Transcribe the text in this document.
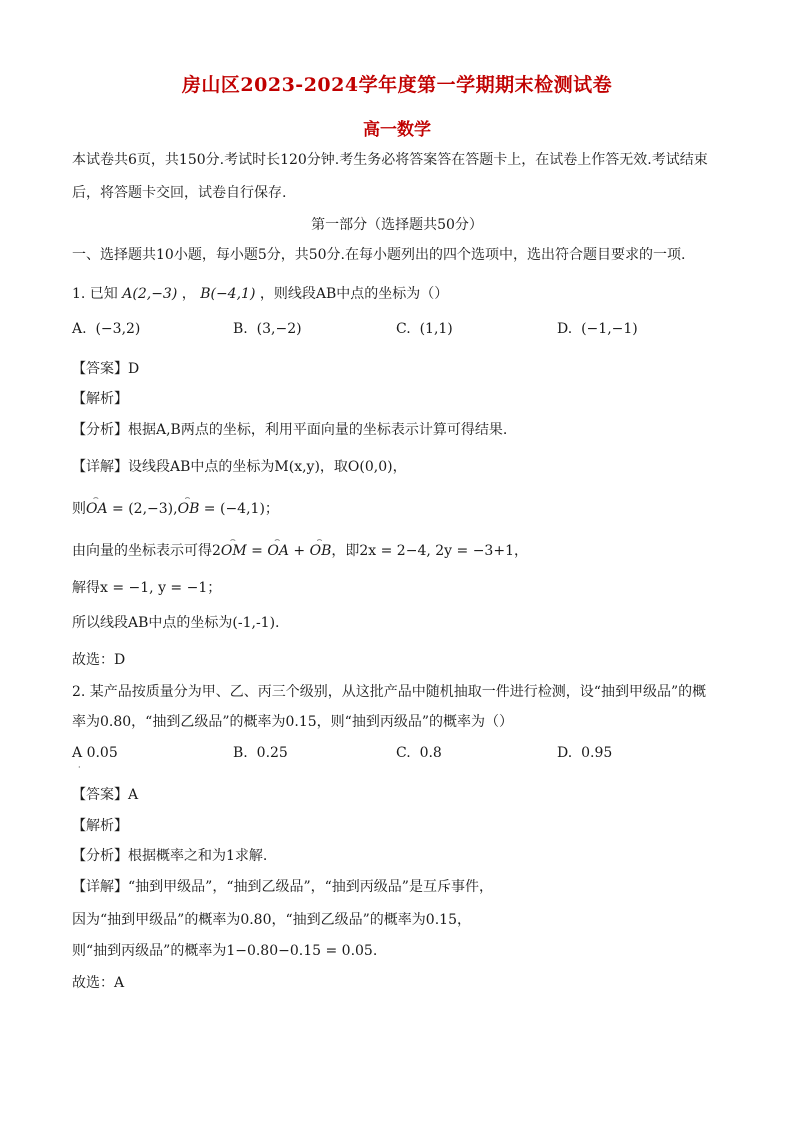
房山区2023-2024学年度第一学期期末检测试卷
高一数学
本试卷共6页，共150分.考试时长120分钟.考生务必将答案答在答题卡上，在试卷上作答无效.考试结束
后，将答题卡交回，试卷自行保存.
第一部分（选择题共50分）
一、选择题共10小题，每小题5分，共50分.在每小题列出的四个选项中，选出符合题目要求的一项.
1. 已知 A(2,−3) ， B(−4,1) ，则线段AB中点的坐标为（）
A. (−3,2)	B. (3,−2)	C. (1,1)	D. (−1,−1)
【答案】D
【解析】
【分析】根据A,B两点的坐标，利用平面向量的坐标表示计算可得结果.
【详解】设线段AB中点的坐标为M(x,y)，取O(0,0)，
则⌢ OA = (2,−3),⌢ OB = (−4,1)；
由向量的坐标表示可得2⌢ OM = ⌢ OA + ⌢ OB，即2x = 2−4, 2y = −3+1，
解得x = −1, y = −1；
所以线段AB中点的坐标为(-1,-1).
故选：D
2. 某产品按质量分为甲、乙、丙三个级别，从这批产品中随机抽取一件进行检测，设“抽到甲级品”的概
率为0.80，“抽到乙级品”的概率为0.15，则“抽到丙级品”的概率为（）
A 0.05	B. 0.25	C. 0.8	D. 0.95
·
【答案】A
【解析】
【分析】根据概率之和为1求解.
【详解】“抽到甲级品”，“抽到乙级品”，“抽到丙级品”是互斥事件，
因为“抽到甲级品”的概率为0.80，“抽到乙级品”的概率为0.15，
则“抽到丙级品”的概率为1−0.80−0.15 = 0.05.
故选：A
